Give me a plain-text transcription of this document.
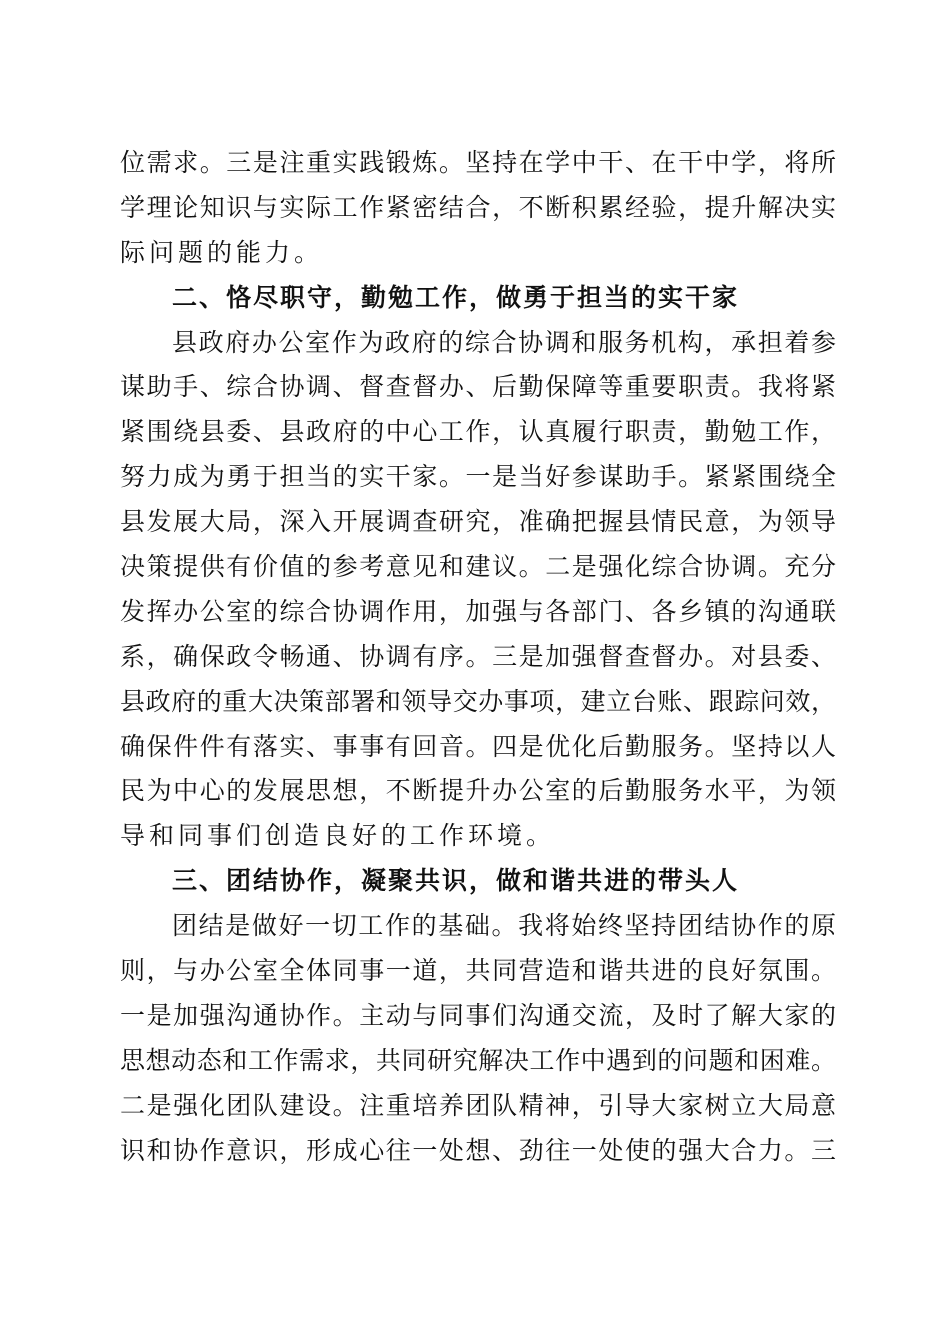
位需求。三是注重实践锻炼。坚持在学中干、在干中学，将所
学理论知识与实际工作紧密结合，不断积累经验，提升解决实
际问题的能力。
二、恪尽职守，勤勉工作，做勇于担当的实干家
县政府办公室作为政府的综合协调和服务机构，承担着参
谋助手、综合协调、督查督办、后勤保障等重要职责。我将紧
紧围绕县委、县政府的中心工作，认真履行职责，勤勉工作，
努力成为勇于担当的实干家。一是当好参谋助手。紧紧围绕全
县发展大局，深入开展调查研究，准确把握县情民意，为领导
决策提供有价值的参考意见和建议。二是强化综合协调。充分
发挥办公室的综合协调作用，加强与各部门、各乡镇的沟通联
系，确保政令畅通、协调有序。三是加强督查督办。对县委、
县政府的重大决策部署和领导交办事项，建立台账、跟踪问效，
确保件件有落实、事事有回音。四是优化后勤服务。坚持以人
民为中心的发展思想，不断提升办公室的后勤服务水平，为领
导和同事们创造良好的工作环境。
三、团结协作，凝聚共识，做和谐共进的带头人
团结是做好一切工作的基础。我将始终坚持团结协作的原
则，与办公室全体同事一道，共同营造和谐共进的良好氛围。
一是加强沟通协作。主动与同事们沟通交流，及时了解大家的
思想动态和工作需求，共同研究解决工作中遇到的问题和困难。
二是强化团队建设。注重培养团队精神，引导大家树立大局意
识和协作意识，形成心往一处想、劲往一处使的强大合力。三
